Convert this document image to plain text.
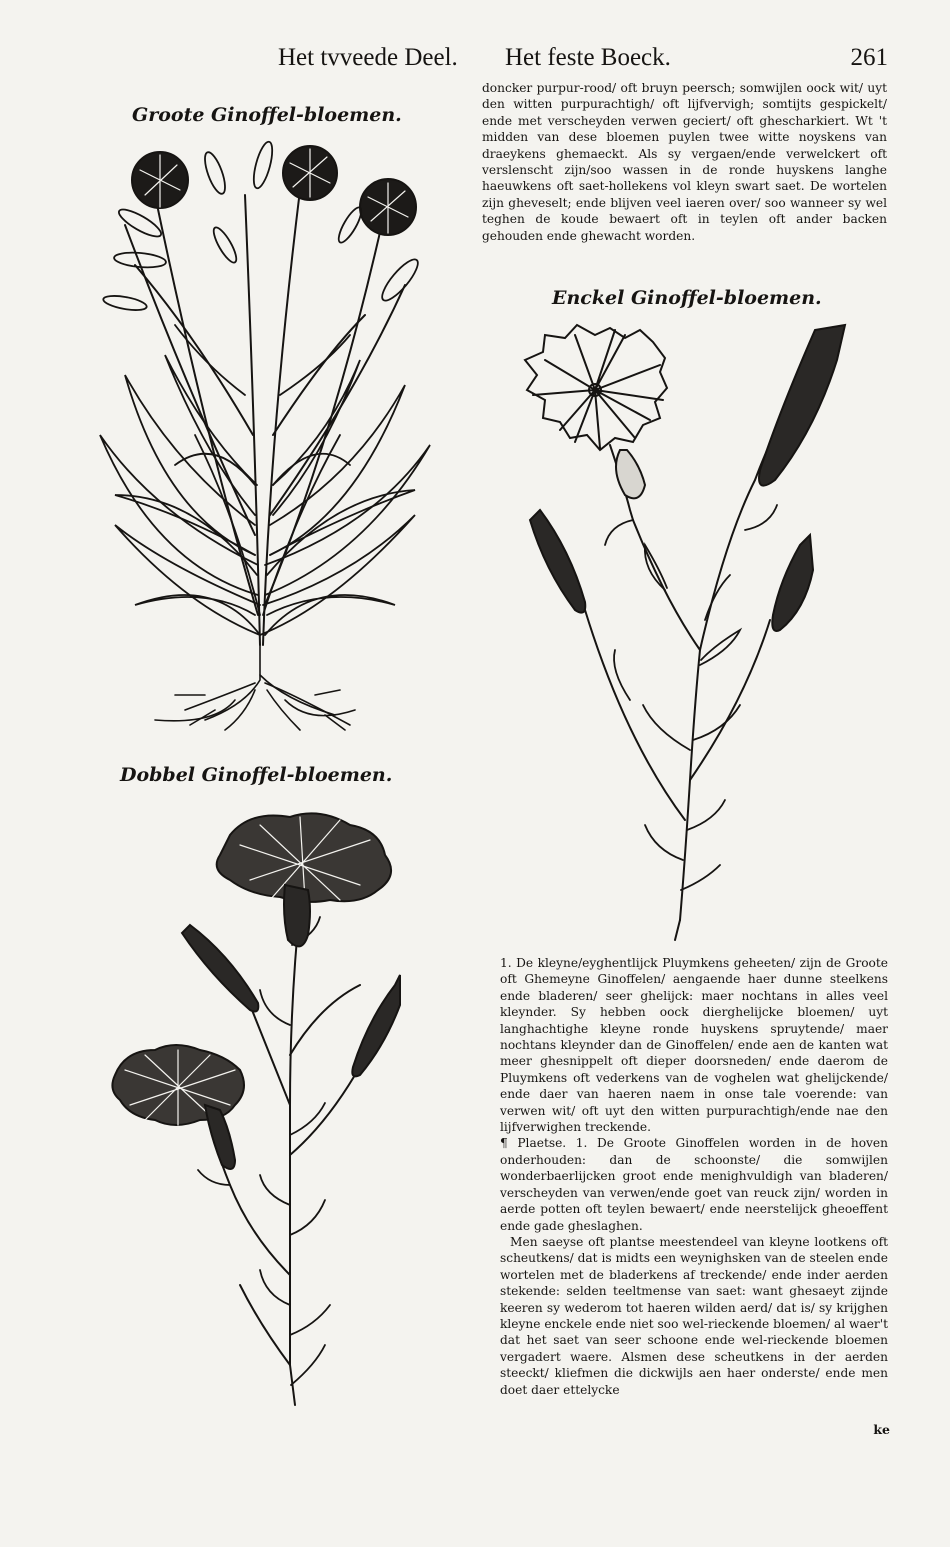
Het tvveede Deel. Het feste Boeck.	261
Groote Ginoffel-bloemen.
Enckel Ginoffel-bloemen.
Dobbel Ginoffel-bloemen.

doncker purpur-rood/ oft bruyn peersch; somwijlen oock wit/ uyt den witten purpurachtigh/ oft lijfvervigh; somtijts gespickelt/ ende met verscheyden verwen geciert/ oft ghescharkiert. Wt 't midden van dese bloemen puylen twee witte noyskens van draeykens ghemaeckt. Als sy vergaen/ende verwelckert oft verslenscht zijn/soo wassen in de ronde huyskens langhe haeuwkens oft saet-hollekens vol kleyn swart saet. De wortelen zijn gheveselt; ende blijven veel iaeren over/ soo wanneer sy wel teghen de koude bewaert oft in teylen oft ander backen gehouden ende ghewacht worden.

1. De kleyne/eyghentlijck Pluymkens geheeten/ zijn de Groote oft Ghemeyne Ginoffelen/ aengaende haer dunne steelkens ende bladeren/ seer ghelijck: maer nochtans in alles veel kleynder. Sy hebben oock dierghelijcke bloemen/ uyt langhachtighe kleyne ronde huyskens spruytende/ maer nochtans kleynder dan de Ginoffelen/ ende aen de kanten wat meer ghesnippelt oft dieper doorsneden/ ende daerom de Pluymkens oft vederkens van de voghelen wat ghelijckende/ ende daer van haeren naem in onse tale voerende: van verwen wit/ oft uyt den witten purpurachtigh/ende nae den lijfverwighen treckende.

¶ Plaetse. 1. De Groote Ginoffelen worden in de hoven onderhouden: dan de schoonste/ die somwijlen wonderbaerlijcken groot ende menighvuldigh van bladeren/ verscheyden van verwen/ende goet van reuck zijn/ worden in aerde potten oft teylen bewaert/ ende neerstelijck gheoeffent ende gade gheslaghen.

Men saeyse oft plantse meestendeel van kleyne lootkens oft scheutkens/ dat is midts een weynighsken van de steelen ende wortelen met de bladerkens af treckende/ ende inder aerden stekende: selden teeltmense van saet: want ghesaeyt zijnde keeren sy wederom tot haeren wilden aerd/ dat is/ sy krijghen kleyne enckele ende niet soo wel-rieckende bloemen/ al waer't dat het saet van seer schoone ende wel-rieckende bloemen vergadert waere. Alsmen dese scheutkens in der aerden steeckt/ kliefmen die dickwijls aen haer onderste/ ende men doet daer ettelycke

ke
